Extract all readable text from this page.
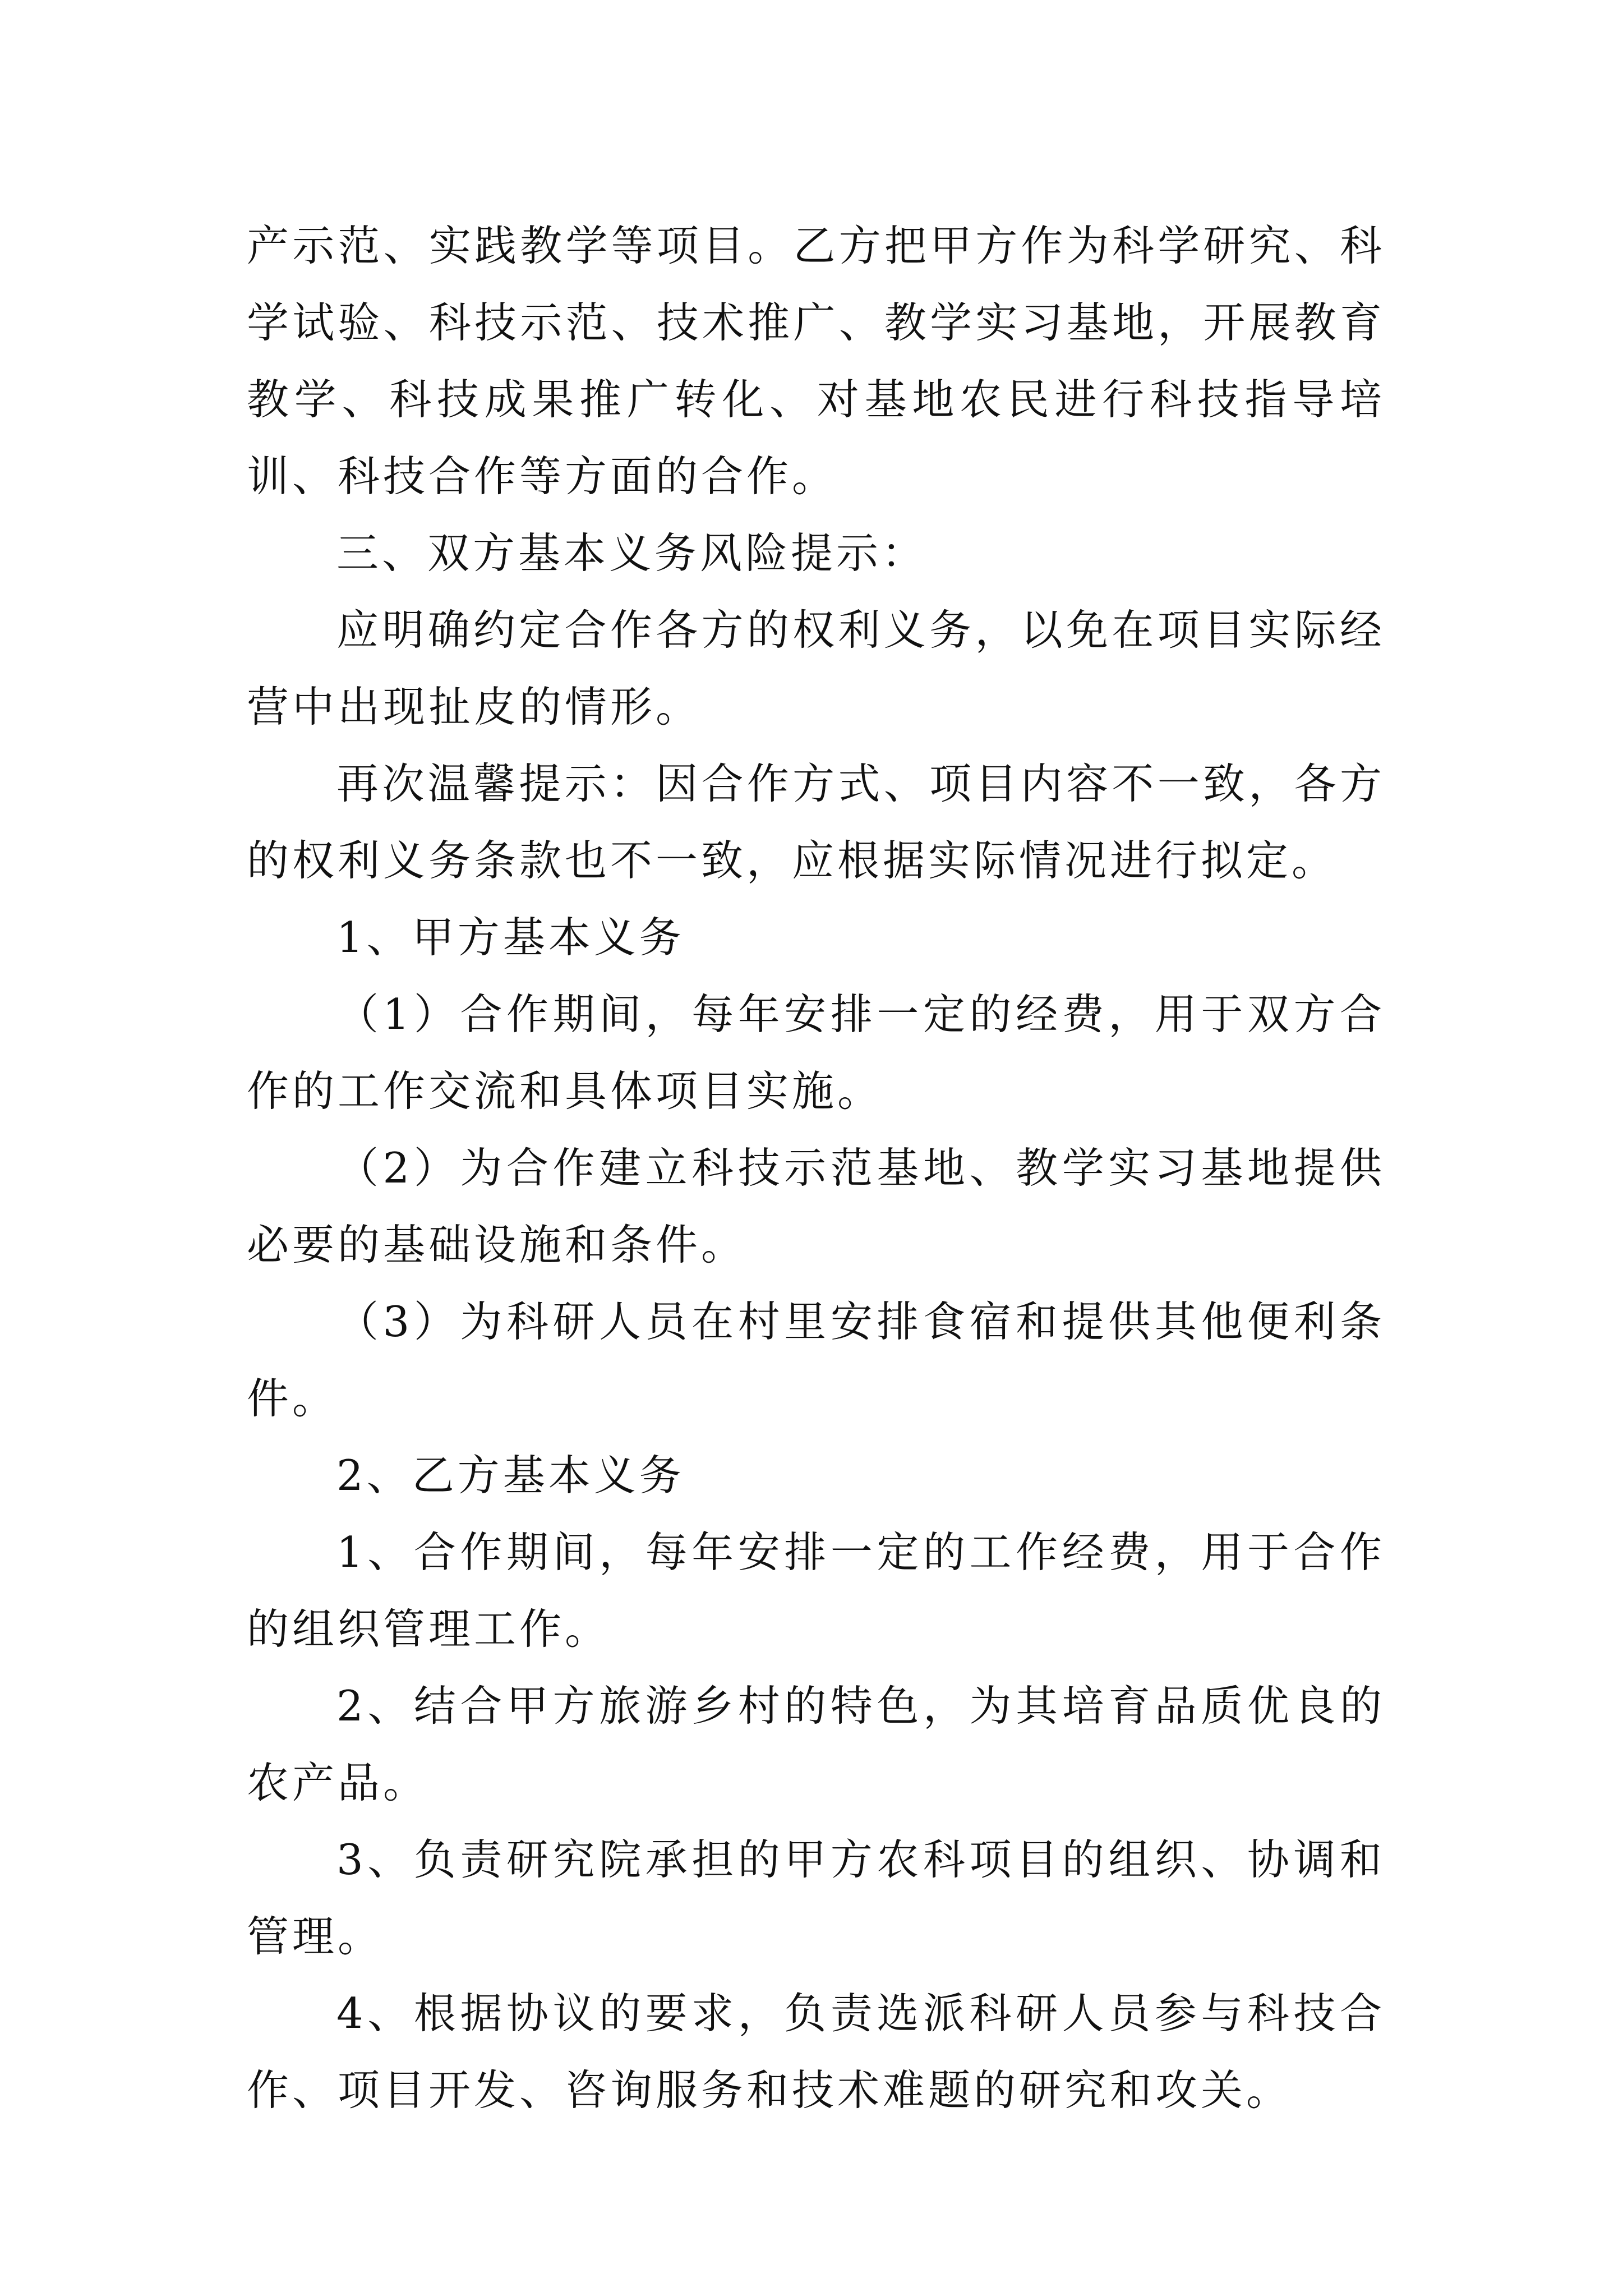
产示范、实践教学等项目。乙方把甲方作为科学研究、科学试验、科技示范、技术推广、教学实习基地，开展教育教学、科技成果推广转化、对基地农民进行科技指导培训、科技合作等方面的合作。

三、双方基本义务风险提示：

应明确约定合作各方的权利义务，以免在项目实际经营中出现扯皮的情形。

再次温馨提示：因合作方式、项目内容不一致，各方的权利义务条款也不一致，应根据实际情况进行拟定。

1、甲方基本义务

（1）合作期间，每年安排一定的经费，用于双方合作的工作交流和具体项目实施。

（2）为合作建立科技示范基地、教学实习基地提供必要的基础设施和条件。

（3）为科研人员在村里安排食宿和提供其他便利条件。

2、乙方基本义务

1、合作期间，每年安排一定的工作经费，用于合作的组织管理工作。

2、结合甲方旅游乡村的特色，为其培育品质优良的农产品。

3、负责研究院承担的甲方农科项目的组织、协调和管理。

4、根据协议的要求，负责选派科研人员参与科技合作、项目开发、咨询服务和技术难题的研究和攻关。
